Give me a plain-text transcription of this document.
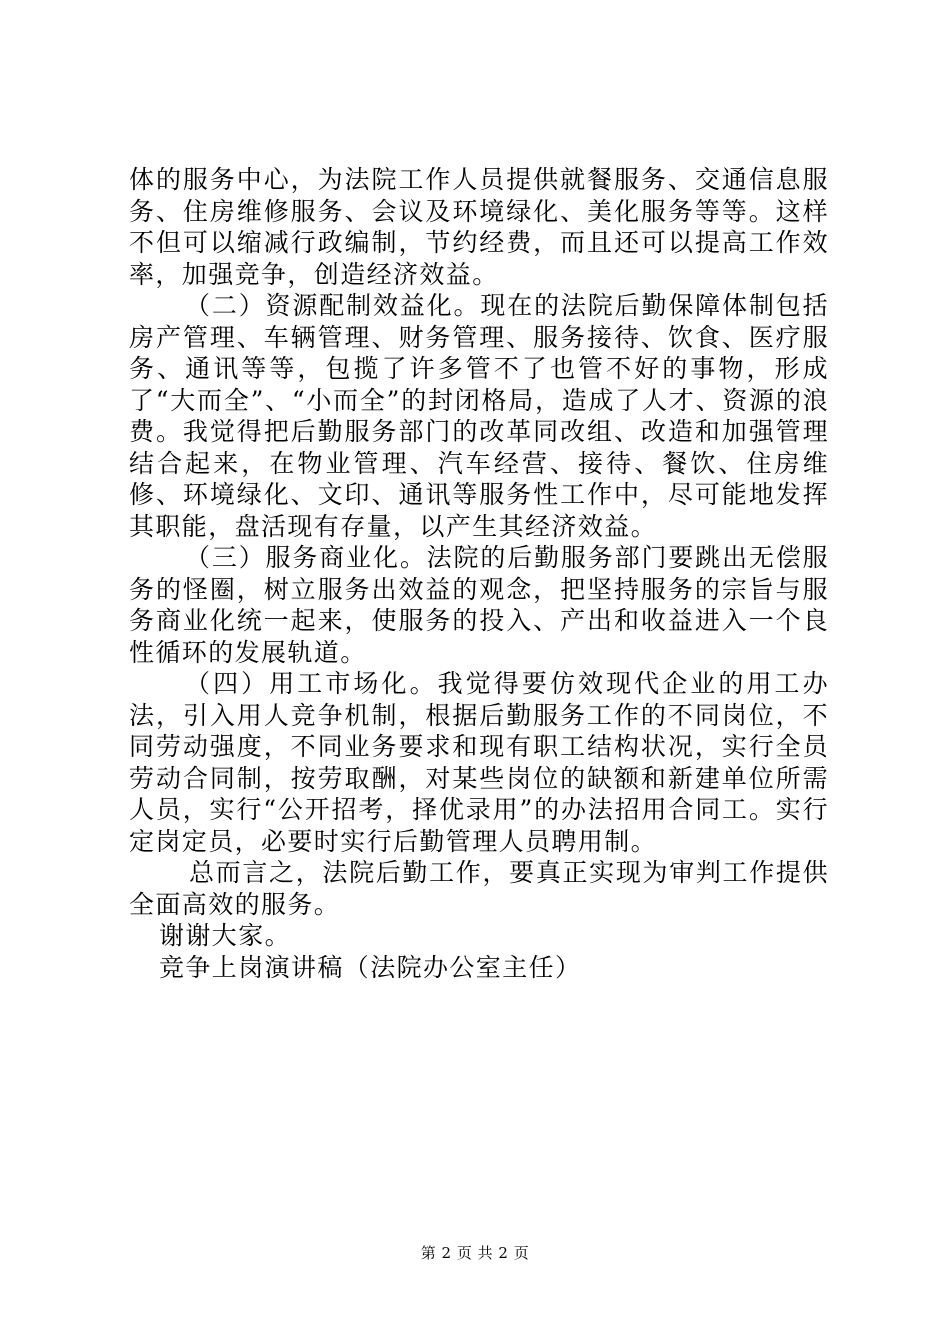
体的服务中心，为法院工作人员提供就餐服务、交通信息服务、住房维修服务、会议及环境绿化、美化服务等等。这样不但可以缩减行政编制，节约经费，而且还可以提高工作效率，加强竞争，创造经济效益。

（二）资源配制效益化。现在的法院后勤保障体制包括房产管理、车辆管理、财务管理、服务接待、饮食、医疗服务、通讯等等，包揽了许多管不了也管不好的事物，形成了“大而全”、“小而全”的封闭格局，造成了人才、资源的浪费。我觉得把后勤服务部门的改革同改组、改造和加强管理结合起来，在物业管理、汽车经营、接待、餐饮、住房维修、环境绿化、文印、通讯等服务性工作中，尽可能地发挥其职能，盘活现有存量，以产生其经济效益。

（三）服务商业化。法院的后勤服务部门要跳出无偿服务的怪圈，树立服务出效益的观念，把坚持服务的宗旨与服务商业化统一起来，使服务的投入、产出和收益进入一个良性循环的发展轨道。

（四）用工市场化。我觉得要仿效现代企业的用工办法，引入用人竞争机制，根据后勤服务工作的不同岗位，不同劳动强度，不同业务要求和现有职工结构状况，实行全员劳动合同制，按劳取酬，对某些岗位的缺额和新建单位所需人员，实行“公开招考，择优录用”的办法招用合同工。实行定岗定员，必要时实行后勤管理人员聘用制。

总而言之，法院后勤工作，要真正实现为审判工作提供全面高效的服务。

谢谢大家。

竞争上岗演讲稿（法院办公室主任）

第 2 页 共 2 页
